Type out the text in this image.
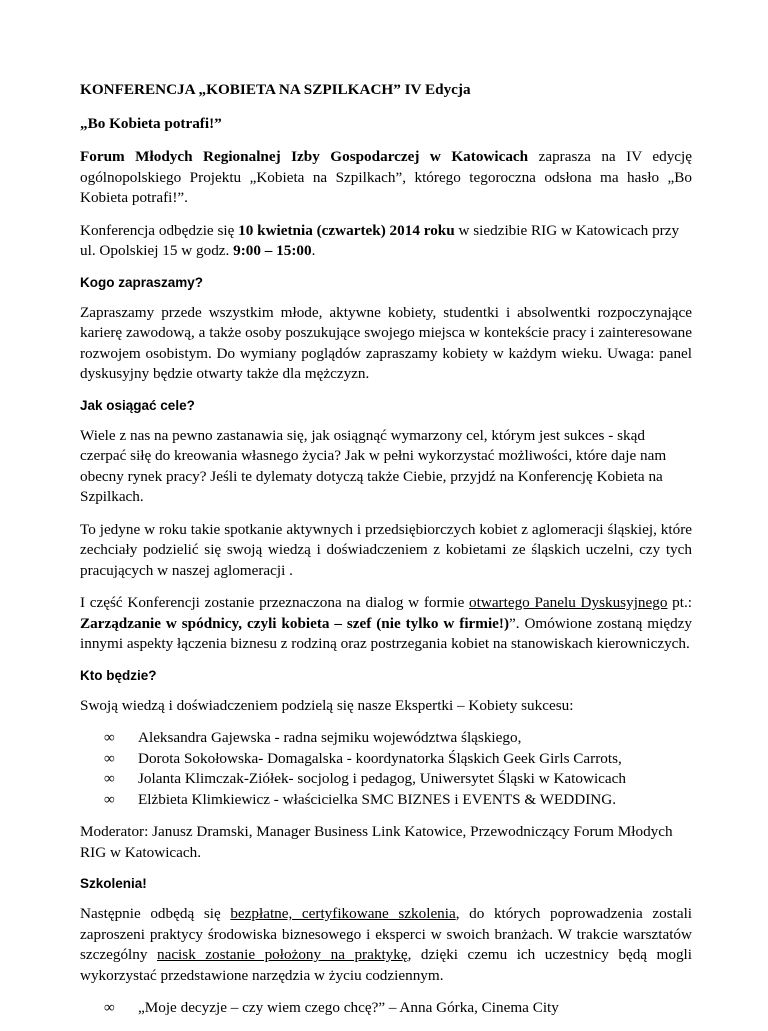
KONFERENCJA „KOBIETA NA SZPILKACH” IV Edycja

„Bo Kobieta potrafi!”

Forum Młodych Regionalnej Izby Gospodarczej w Katowicach zaprasza na IV edycję ogólnopolskiego Projektu „Kobieta na Szpilkach”, którego tegoroczna odsłona ma hasło „Bo Kobieta potrafi!”.

Konferencja odbędzie się 10 kwietnia (czwartek) 2014 roku w siedzibie RIG w Katowicach przy ul. Opolskiej 15 w godz. 9:00 – 15:00.

Kogo zapraszamy?

Zapraszamy przede wszystkim młode, aktywne kobiety, studentki i absolwentki rozpoczynające karierę zawodową, a także osoby poszukujące swojego miejsca w kontekście pracy i zainteresowane rozwojem osobistym. Do wymiany poglądów zapraszamy kobiety w każdym wieku. Uwaga: panel dyskusyjny będzie otwarty także dla mężczyzn.

Jak osiągać cele?

Wiele z nas na pewno zastanawia się, jak osiągnąć wymarzony cel, którym jest sukces - skąd czerpać siłę do kreowania własnego życia? Jak w pełni wykorzystać możliwości, które daje nam obecny rynek pracy? Jeśli te dylematy dotyczą także Ciebie, przyjdź na Konferencję Kobieta na Szpilkach.

To jedyne w roku takie spotkanie aktywnych i przedsiębiorczych kobiet z aglomeracji śląskiej, które zechciały podzielić się swoją wiedzą i doświadczeniem z kobietami ze śląskich uczelni, czy tych pracujących w naszej aglomeracji .

I część Konferencji zostanie przeznaczona na dialog w formie otwartego Panelu Dyskusyjnego pt.: Zarządzanie w spódnicy, czyli kobieta – szef (nie tylko w firmie!)”. Omówione zostaną między innymi aspekty łączenia biznesu z rodziną oraz postrzegania kobiet na stanowiskach kierowniczych.

Kto będzie?

Swoją wiedzą i doświadczeniem podzielą się nasze Ekspertki – Kobiety sukcesu:

∞ Aleksandra Gajewska - radna sejmiku województwa śląskiego,
∞ Dorota Sokołowska- Domagalska - koordynatorka Śląskich Geek Girls Carrots,
∞ Jolanta Klimczak-Ziółek- socjolog i pedagog, Uniwersytet Śląski w Katowicach
∞ Elżbieta Klimkiewicz - właścicielka SMC BIZNES i EVENTS & WEDDING.

Moderator: Janusz Dramski, Manager Business Link Katowice, Przewodniczący Forum Młodych RIG w Katowicach.

Szkolenia!

Następnie odbędą się bezpłatne, certyfikowane szkolenia, do których poprowadzenia zostali zaproszeni praktycy środowiska biznesowego i eksperci w swoich branżach. W trakcie warsztatów szczególny nacisk zostanie położony na praktykę, dzięki czemu ich uczestnicy będą mogli wykorzystać przedstawione narzędzia w życiu codziennym.

∞ „Moje decyzje – czy wiem czego chcę?” – Anna Górka, Cinema City
